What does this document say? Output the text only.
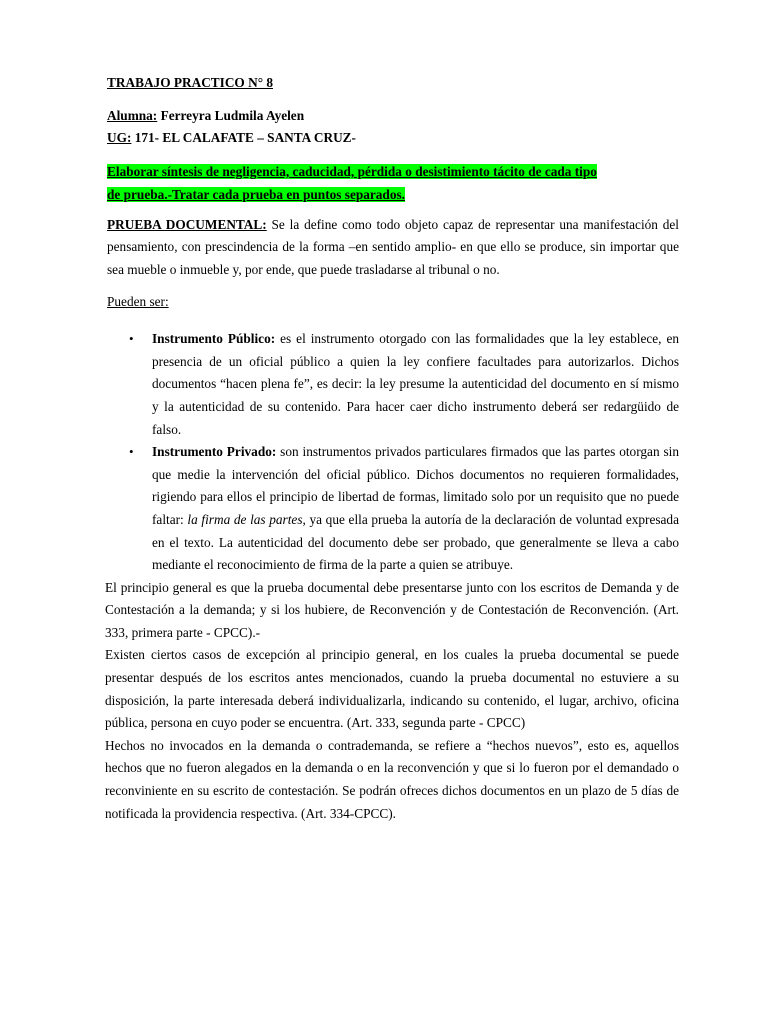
TRABAJO PRACTICO N° 8

Alumna: Ferreyra Ludmila Ayelen

UG: 171- EL CALAFATE – SANTA CRUZ-

Elaborar síntesis de negligencia, caducidad, pérdida o desistimiento tácito de cada tipo
de prueba.-Tratar cada prueba en puntos separados.

PRUEBA DOCUMENTAL: Se la define como todo objeto capaz de representar una manifestación del pensamiento, con prescindencia de la forma –en sentido amplio- en que ello se produce, sin importar que sea mueble o inmueble y, por ende, que puede trasladarse al tribunal o no.

Pueden ser:

• Instrumento Público: es el instrumento otorgado con las formalidades que la ley establece, en presencia de un oficial público a quien la ley confiere facultades para autorizarlos. Dichos documentos “hacen plena fe”, es decir: la ley presume la autenticidad del documento en sí mismo y la autenticidad de su contenido. Para hacer caer dicho instrumento deberá ser redargüido de falso.
• Instrumento Privado: son instrumentos privados particulares firmados que las partes otorgan sin que medie la intervención del oficial público. Dichos documentos no requieren formalidades, rigiendo para ellos el principio de libertad de formas, limitado solo por un requisito que no puede faltar: la firma de las partes, ya que ella prueba la autoría de la declaración de voluntad expresada en el texto. La autenticidad del documento debe ser probado, que generalmente se lleva a cabo mediante el reconocimiento de firma de la parte a quien se atribuye.

El principio general es que la prueba documental debe presentarse junto con los escritos de Demanda y de Contestación a la demanda; y si los hubiere, de Reconvención y de Contestación de Reconvención. (Art. 333, primera parte - CPCC).-

Existen ciertos casos de excepción al principio general, en los cuales la prueba documental se puede presentar después de los escritos antes mencionados, cuando la prueba documental no estuviere a su disposición, la parte interesada deberá individualizarla, indicando su contenido, el lugar, archivo, oficina pública, persona en cuyo poder se encuentra. (Art. 333, segunda parte - CPCC)

Hechos no invocados en la demanda o contrademanda, se refiere a “hechos nuevos”, esto es, aquellos hechos que no fueron alegados en la demanda o en la reconvención y que si lo fueron por el demandado o reconviniente en su escrito de contestación. Se podrán ofreces dichos documentos en un plazo de 5 días de notificada la providencia respectiva. (Art. 334-CPCC).
